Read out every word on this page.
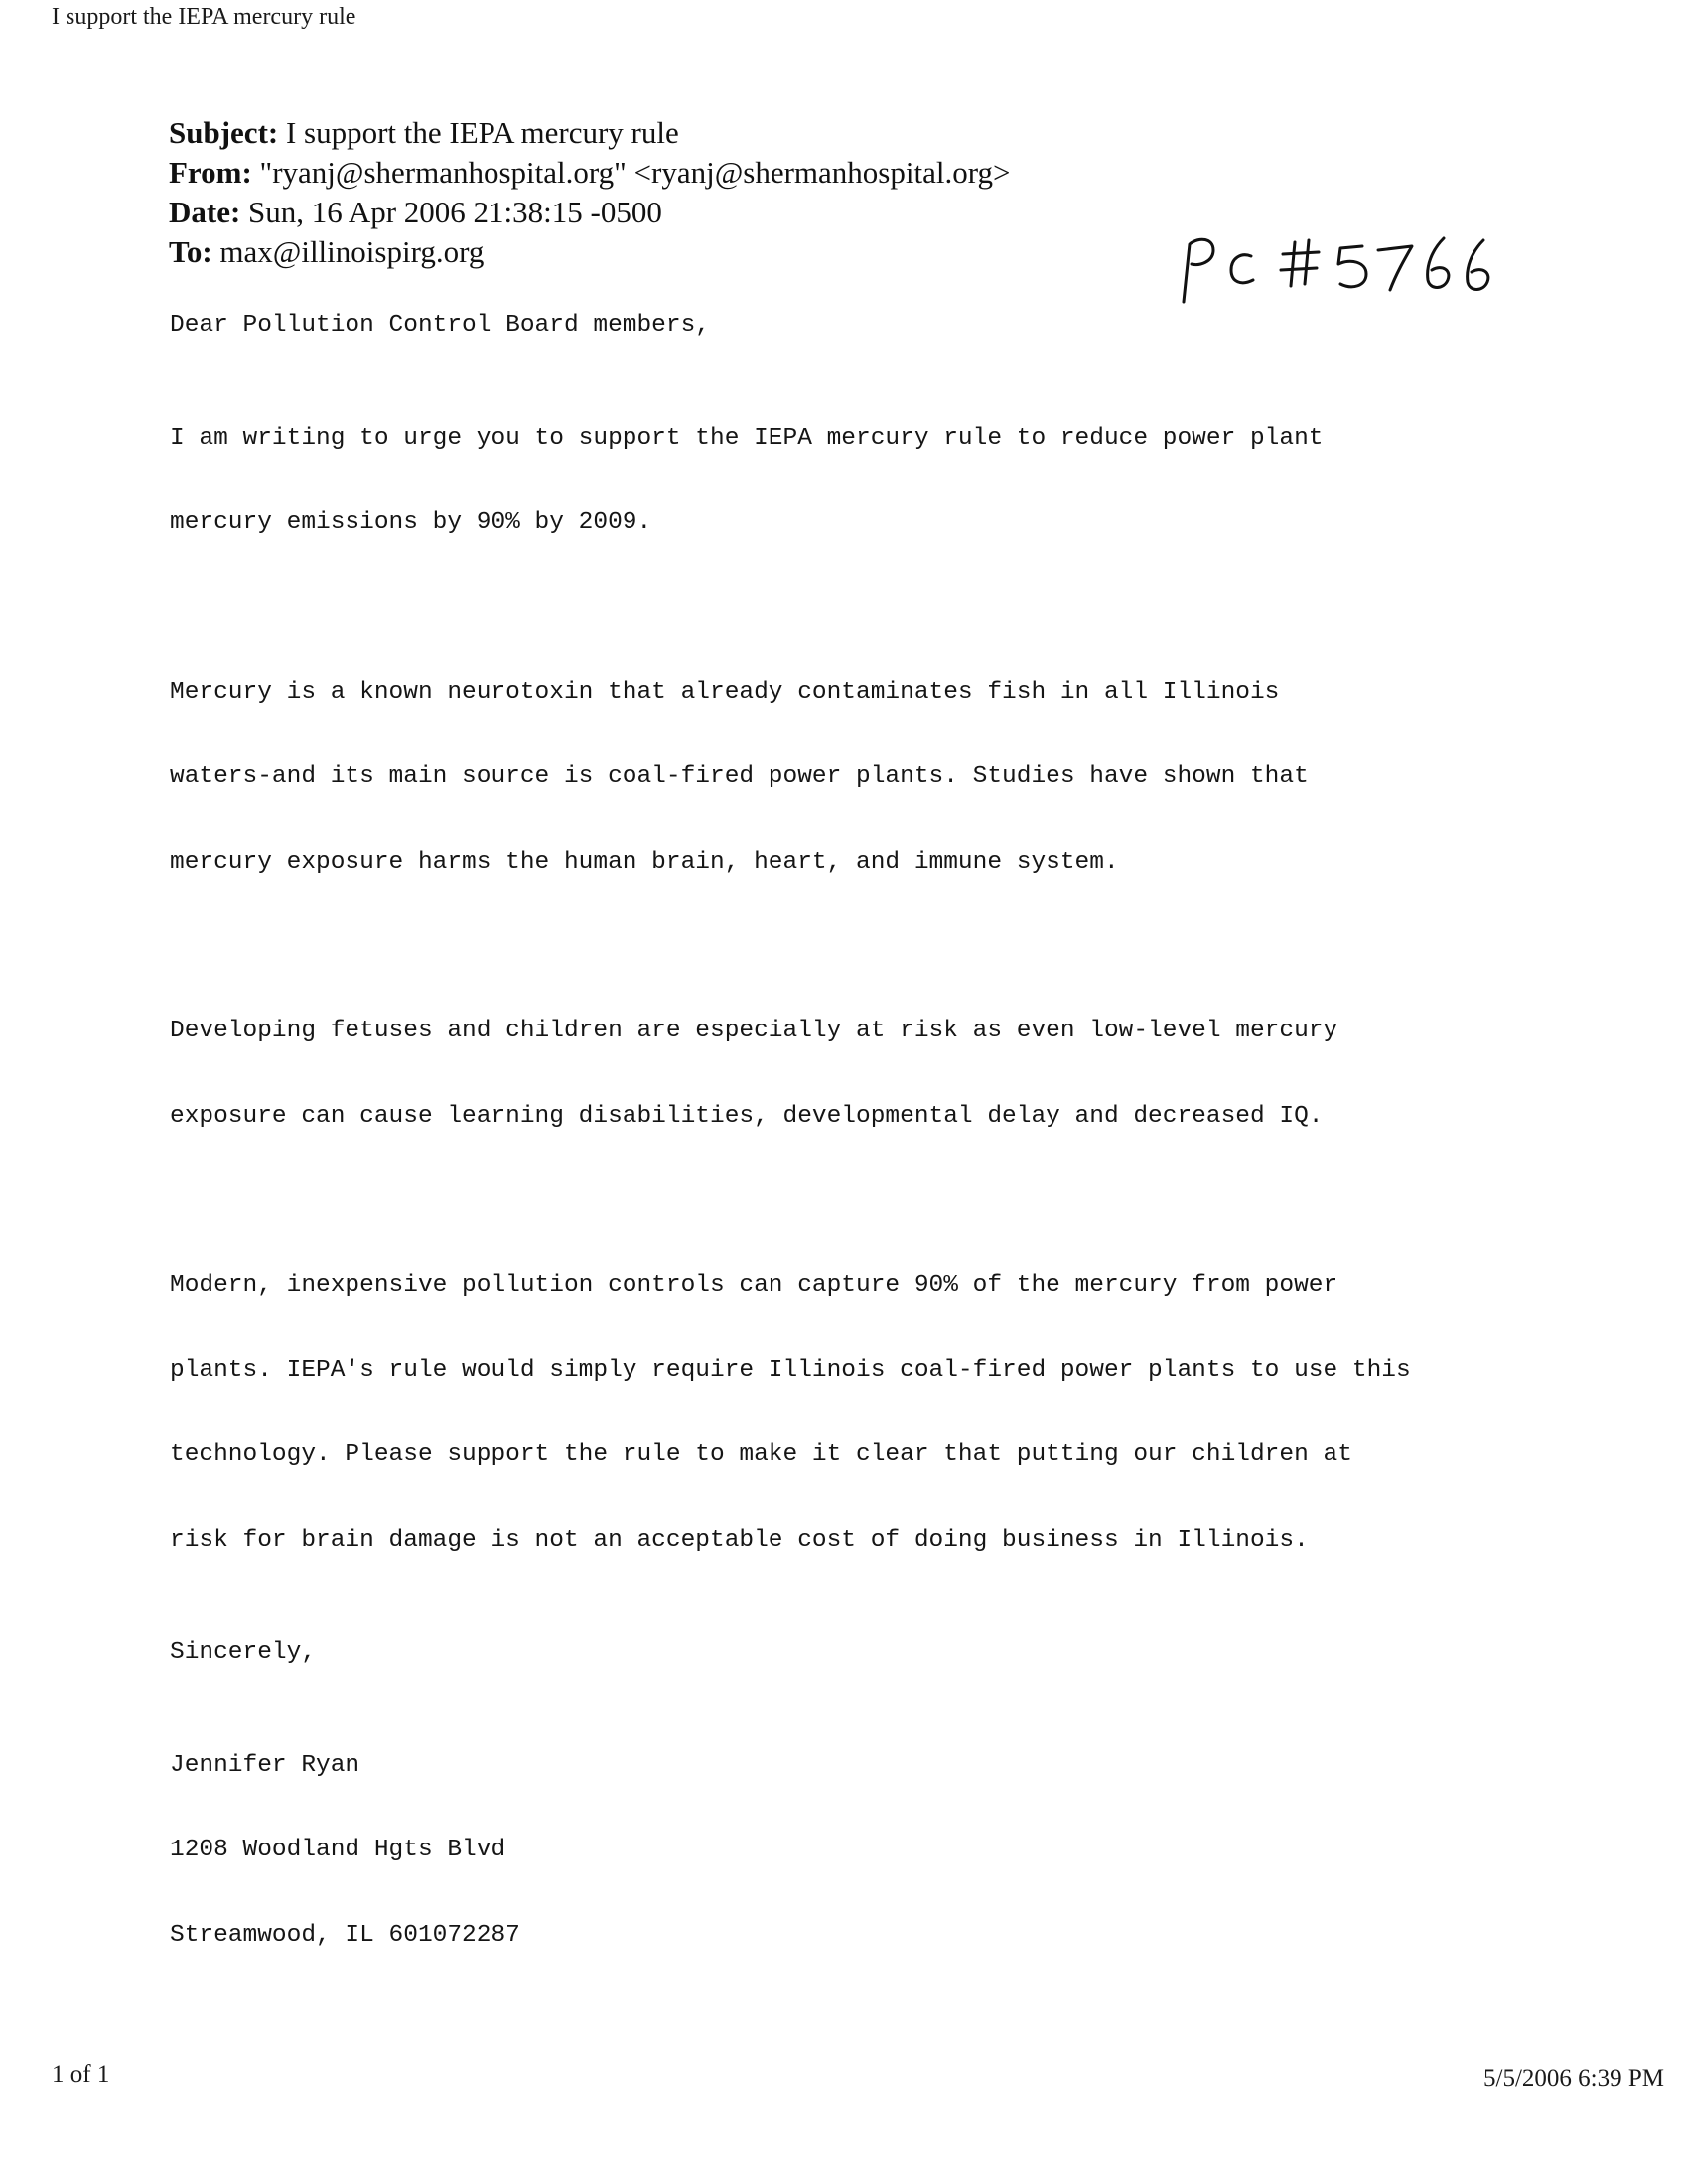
I support the IEPA mercury rule
Subject: I support the IEPA mercury rule
From: "ryanj@shermanhospital.org" <ryanj@shermanhospital.org>
Date: Sun, 16 Apr 2006 21:38:15 -0500
To: max@illinoispirg.org
Dear Pollution Control Board members,

I am writing to urge you to support the IEPA mercury rule to reduce power plant

mercury emissions by 90% by 2009.

Mercury is a known neurotoxin that already contaminates fish in all Illinois

waters-and its main source is coal-fired power plants. Studies have shown that

mercury exposure harms the human brain, heart, and immune system.

Developing fetuses and children are especially at risk as even low-level mercury

exposure can cause learning disabilities, developmental delay and decreased IQ.

Modern, inexpensive pollution controls can capture 90% of the mercury from power

plants. IEPA's rule would simply require Illinois coal-fired power plants to use this

technology. Please support the rule to make it clear that putting our children at

risk for brain damage is not an acceptable cost of doing business in Illinois.

Sincerely,

Jennifer Ryan

1208 Woodland Hgts Blvd

Streamwood, IL 601072287

1 of 1	5/5/2006 6:39 PM
